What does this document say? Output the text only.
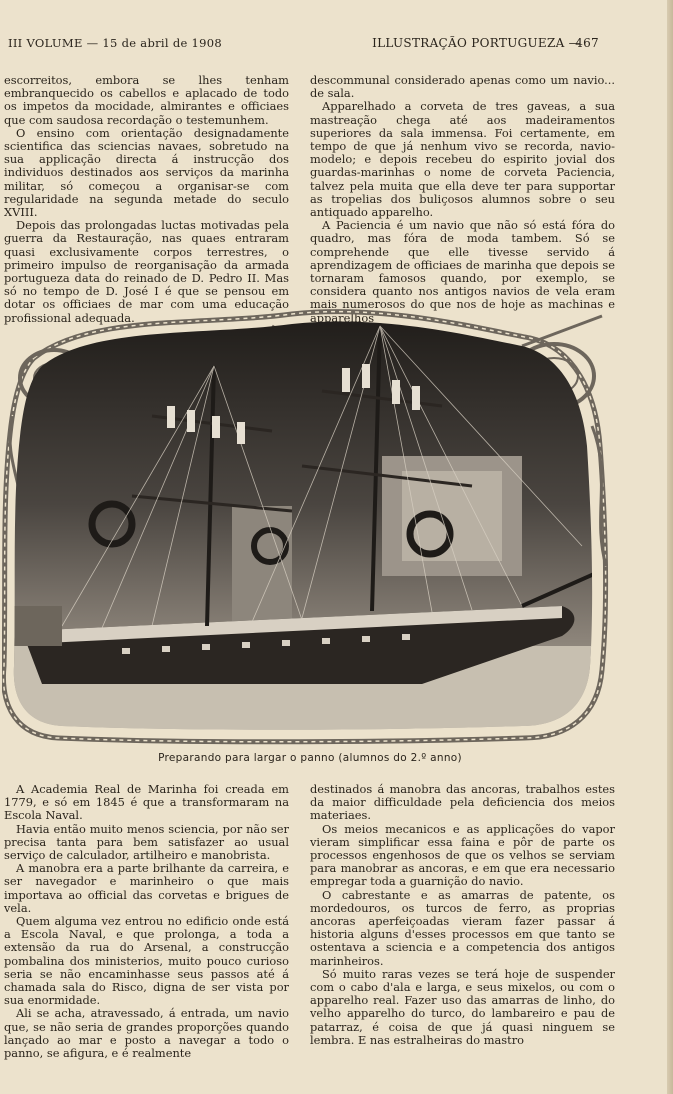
III VOLUME — 15 de abril de 1908	ILLUSTRAÇÃO PORTUGUEZA —
467

escorreitos, embora se lhes tenham embranquecido os cabellos e aplacado de todo os impetos da mocidade, almirantes e officiaes que com saudosa recordação o testemunhem.

O ensino com orientação designadamente scientifica das sciencias navaes, sobretudo na sua applicação directa á instrucção dos individuos destinados aos serviços da marinha militar, só começou a organisar-se com regularidade na segunda metade do seculo XVIII.

Depois das prolongadas luctas motivadas pela guerra da Restauração, nas quaes entraram quasi exclusivamente corpos terrestres, o primeiro impulso de reorganisação da armada portugueza data do reinado de D. Pedro II. Mas só no tempo de D. José I é que se pensou em dotar os officiaes de mar com uma educação profissional adequada.

descommunal considerado apenas como um navio... de sala.

Apparelhado a corveta de tres gaveas, a sua mastreação chega até aos madeiramentos superiores da sala immensa. Foi certamente, em tempo de que já nenhum vivo se recorda, navio-modelo; e depois recebeu do espirito jovial dos guardas-marinhas o nome de corveta Paciencia, talvez pela muita que ella deve ter para supportar as tropelias dos buliçosos alumnos sobre o seu antiquado apparelho.

A Paciencia é um navio que não só está fóra do quadro, mas fóra de moda tambem. Só se comprehende que elle tivesse servido á aprendizagem de officiaes de marinha que depois se tornaram famosos quando, por exemplo, se considera quanto nos antigos navios de vela eram mais numerosos do que nos de hoje as machinas e apparelhos

Preparando para largar o panno (alumnos do 2.º anno)

A Academia Real de Marinha foi creada em 1779, e só em 1845 é que a transformaram na Escola Naval.

Havia então muito menos sciencia, por não ser precisa tanta para bem satisfazer ao usual serviço de calculador, artilheiro e manobrista.

A manobra era a parte brilhante da carreira, e ser navegador e marinheiro o que mais importava ao official das corvetas e brigues de vela.

Quem alguma vez entrou no edificio onde está a Escola Naval, e que prolonga, a toda a extensão da rua do Arsenal, a construcção pombalina dos ministerios, muito pouco curioso seria se não encaminhasse seus passos até á chamada sala do Risco, digna de ser vista por sua enormidade.

Ali se acha, atravessado, á entrada, um navio que, se não seria de grandes proporções quando lançado ao mar e posto a navegar a todo o panno, se afigura, e é realmente

destinados á manobra das ancoras, trabalhos estes da maior difficuldade pela deficiencia dos meios materiaes.

Os meios mecanicos e as applicações do vapor vieram simplificar essa faina e pôr de parte os processos engenhosos de que os velhos se serviam para manobrar as ancoras, e em que era necessario empregar toda a guarnição do navio.

O cabrestante e as amarras de patente, os mordedouros, os turcos de ferro, as proprias ancoras aperfeiçoadas vieram fazer passar á historia alguns d'esses processos em que tanto se ostentava a sciencia e a competencia dos antigos marinheiros.

Só muito raras vezes se terá hoje de suspender com o cabo d'ala e larga, e seus mixelos, ou com o apparelho real. Fazer uso das amarras de linho, do velho apparelho do turco, do lambareiro e pau de patarraz, é coisa de que já quasi ninguem se lembra. E nas estralheiras do mastro
